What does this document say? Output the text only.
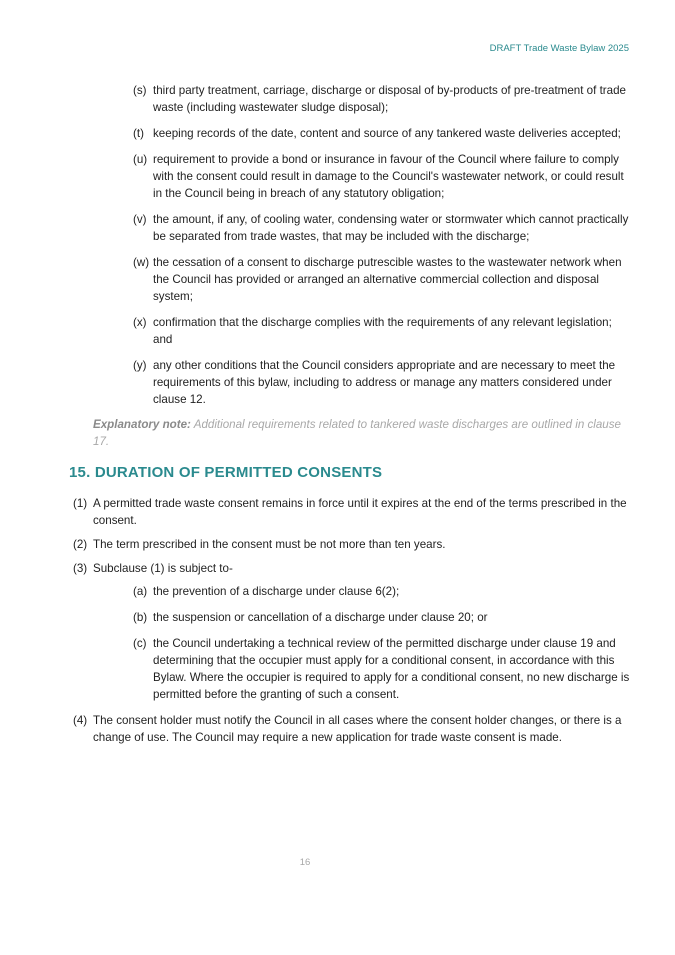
DRAFT Trade Waste Bylaw 2025
(s) third party treatment, carriage, discharge or disposal of by-products of pre-treatment of trade waste (including wastewater sludge disposal);
(t) keeping records of the date, content and source of any tankered waste deliveries accepted;
(u) requirement to provide a bond or insurance in favour of the Council where failure to comply with the consent could result in damage to the Council's wastewater network, or could result in the Council being in breach of any statutory obligation;
(v) the amount, if any, of cooling water, condensing water or stormwater which cannot practically be separated from trade wastes, that may be included with the discharge;
(w) the cessation of a consent to discharge putrescible wastes to the wastewater network when the Council has provided or arranged an alternative commercial collection and disposal system;
(x) confirmation that the discharge complies with the requirements of any relevant legislation; and
(y) any other conditions that the Council considers appropriate and are necessary to meet the requirements of this bylaw, including to address or manage any matters considered under clause 12.
Explanatory note: Additional requirements related to tankered waste discharges are outlined in clause 17.
15. DURATION OF PERMITTED CONSENTS
(1) A permitted trade waste consent remains in force until it expires at the end of the terms prescribed in the consent.
(2) The term prescribed in the consent must be not more than ten years.
(3) Subclause (1) is subject to-
(a) the prevention of a discharge under clause 6(2);
(b) the suspension or cancellation of a discharge under clause 20; or
(c) the Council undertaking a technical review of the permitted discharge under clause 19 and determining that the occupier must apply for a conditional consent, in accordance with this Bylaw. Where the occupier is required to apply for a conditional consent, no new discharge is permitted before the granting of such a consent.
(4) The consent holder must notify the Council in all cases where the consent holder changes, or there is a change of use. The Council may require a new application for trade waste consent is made.
16
